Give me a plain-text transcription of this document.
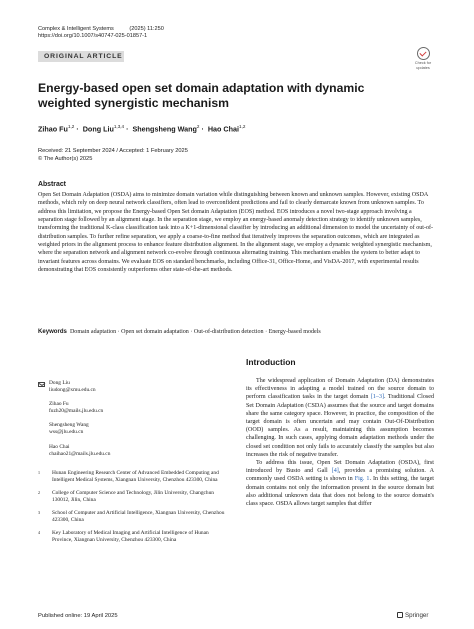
Complex & Intelligent Systems          (2025) 11:250
https://doi.org/10.1007/s40747-025-01857-1
ORIGINAL ARTICLE
Check for
updates
Energy-based open set domain adaptation with dynamic weighted synergistic mechanism
Zihao Fu$^{1,2}$ ·  Dong Liu$^{1,3,4}$ ·  Shengsheng Wang$^2$ ·  Hao Chai$^{1,2}$
Received: 21 September 2024 / Accepted: 1 February 2025
© The Author(s) 2025
Abstract
Open Set Domain Adaptation (OSDA) aims to minimize domain variation while distinguishing between known and unknown samples. However, existing OSDA methods, which rely on deep neural network classifiers, often lead to overconfident predictions and fail to clearly demarcate known from unknown samples. To address this limitation, we propose the Energy-based Open Set domain Adaptation (EOS) method. EOS introduces a novel two-stage approach involving a separation stage followed by an alignment stage. In the separation stage, we employ an energy-based anomaly detection strategy to identify unknown samples, transforming the traditional K-class classification task into a K+1-dimensional classifier by introducing an additional dimension to model the uncertainty of out-of-distribution samples. To further refine separation, we apply a coarse-to-fine method that iteratively improves the separation outcomes, which are integrated as weighted priors in the alignment process to enhance feature distribution alignment. In the alignment stage, we employ a dynamic weighted synergistic mechanism, where the separation network and alignment network co-evolve through continuous alternating training. This mechanism enables the system to better adapt to invariant features across domains. We evaluate EOS on standard benchmarks, including Office-31, Office-Home, and VisDA-2017, with experimental results demonstrating that EOS consistently outperforms other state-of-the-art methods.
Keywords Domain adaptation · Open set domain adaptation · Out-of-distribution detection · Energy-based models
Introduction

The widespread application of Domain Adaptation (DA) demonstrates its effectiveness in adapting a model trained on the source domain to perform classification tasks in the target domain [1–3]. Traditional Closed Set Domain Adaptation (CSDA) assumes that the source and target domains share the same category space. However, in practice, the composition of the target domain is often uncertain and may contain Out-Of-Distribution (OOD) samples. As a result, maintaining this assumption becomes challenging. In such cases, applying domain adaptation methods under the closed set condition not only fails to accurately classify the samples but also increases the risk of negative transfer.

To address this issue, Open Set Domain Adaptation (OSDA), first introduced by Busto and Gall [4], provides a promising solution. A commonly used OSDA setting is shown in Fig. 1. In this setting, the target domain contains not only the information present in the source domain but also additional unknown data that does not belong to the source domain's class space. OSDA allows target samples that differ

Dong Liu
liudong@xmu.edu.cn
Zihao Fu
fuzh20@mails.jlu.edu.cn
Shengsheng Wang
wss@jlu.edu.cn
Hao Chai
chaihao21@mails.jlu.edu.cn
1 Hunan Engineering Research Center of Advanced Embedded Computing and Intelligent Medical Systems, Xiangnan University, Chenzhou 423300, China
2 College of Computer Science and Technology, Jilin University, Changchun 130012, Jilin, China
3 School of Computer and Artificial Intelligence, Xiangnan University, Chenzhou 423300, China
4 Key Laboratory of Medical Imaging and Artificial Intelligence of Hunan Province, Xiangnan University, Chenzhou 423300, China
Published online: 19 April 2025	Springer
